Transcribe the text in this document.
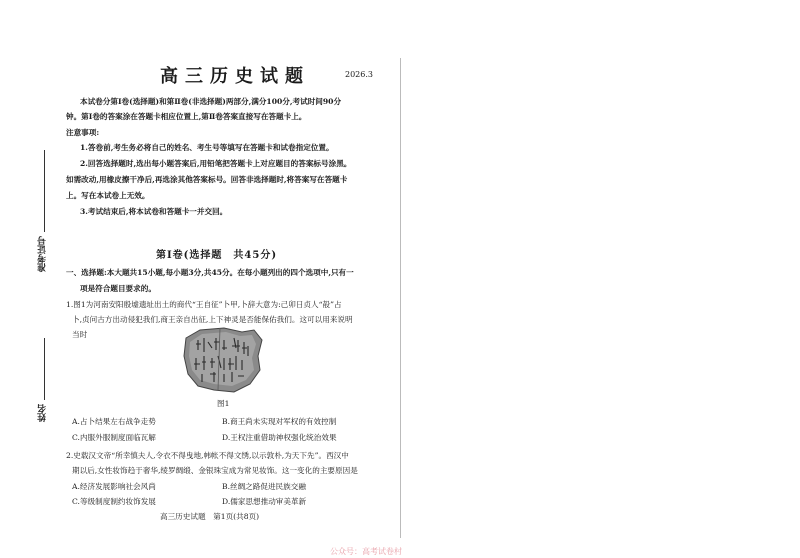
准考证号
姓名
高三历史试题	2026.3
本试卷分第Ⅰ卷(选择题)和第Ⅱ卷(非选择题)两部分,满分100分,考试时间90分
钟。第Ⅰ卷的答案涂在答题卡相应位置上,第Ⅱ卷答案直接写在答题卡上。
注意事项:
1.答卷前,考生务必将自己的姓名、考生号等填写在答题卡和试卷指定位置。
2.回答选择题时,选出每小题答案后,用铅笔把答题卡上对应题目的答案标号涂黑。
如需改动,用橡皮擦干净后,再选涂其他答案标号。回答非选择题时,将答案写在答题卡
上。写在本试卷上无效。
3.考试结束后,将本试卷和答题卡一并交回。
第Ⅰ卷(选择题　共45分)
一、选择题:本大题共15小题,每小题3分,共45分。在每小题列出的四个选项中,只有一
项是符合题目要求的。
1.图1为河南安阳殷墟遗址出土的商代“王自征”卜甲,卜辞大意为:己卯日贞人“㱿”占
卜,贞问古方出动侵犯我们,商王亲自出征,上下神灵是否能保佑我们。这可以用来说明
当时
图1
A.占卜结果左右战争走势	B.商王尚未实现对军权的有效控制
C.内服外服制度面临瓦解	D.王权注重借助神权强化统治效果
2.史载汉文帝“所幸慎夫人,令衣不得曳地,帏帐不得文绣,以示敦朴,为天下先”。西汉中
期以后,女性妆饰趋于奢华,绫罗绸缎、金银珠宝成为常见妆饰。这一变化的主要原因是
A.经济发展影响社会风尚	B.丝绸之路促进民族交融
C.等级制度制约妆饰发展	D.儒家思想推动审美革新
高三历史试题　第1页(共8页)
公众号：高考试卷村
